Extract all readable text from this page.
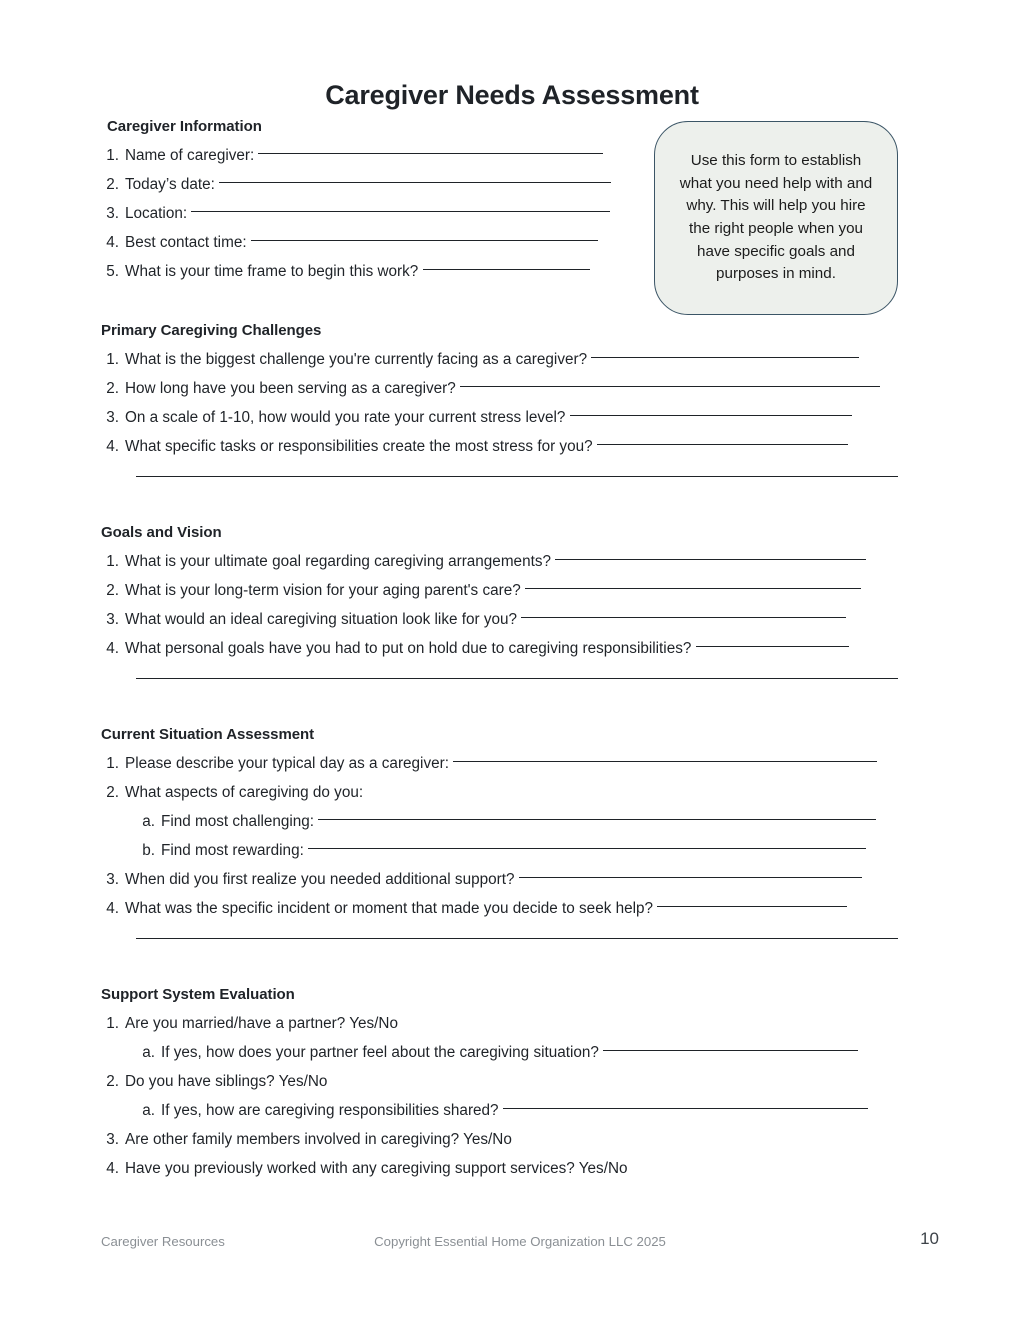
Caregiver Needs Assessment
Use this form to establish what you need help with and why. This will help you hire the right people when you have specific goals and purposes in mind.
Caregiver Information
1. Name of caregiver:
2. Today’s date:
3. Location:
4. Best contact time:
5. What is your time frame to begin this work?
Primary Caregiving Challenges
1. What is the biggest challenge you're currently facing as a caregiver?
2. How long have you been serving as a caregiver?
3. On a scale of 1-10, how would you rate your current stress level?
4. What specific tasks or responsibilities create the most stress for you?
Goals and Vision
1. What is your ultimate goal regarding caregiving arrangements?
2. What is your long-term vision for your aging parent's care?
3. What would an ideal caregiving situation look like for you?
4. What personal goals have you had to put on hold due to caregiving responsibilities?
Current Situation Assessment
1. Please describe your typical day as a caregiver:
2. What aspects of caregiving do you:
a. Find most challenging:
b. Find most rewarding:
3. When did you first realize you needed additional support?
4. What was the specific incident or moment that made you decide to seek help?
Support System Evaluation
1. Are you married/have a partner? Yes/No
a. If yes, how does your partner feel about the caregiving situation?
2. Do you have siblings? Yes/No
a. If yes, how are caregiving responsibilities shared?
3. Are other family members involved in caregiving? Yes/No
4. Have you previously worked with any caregiving support services? Yes/No
Caregiver Resources	Copyright Essential Home Organization LLC 2025	10
